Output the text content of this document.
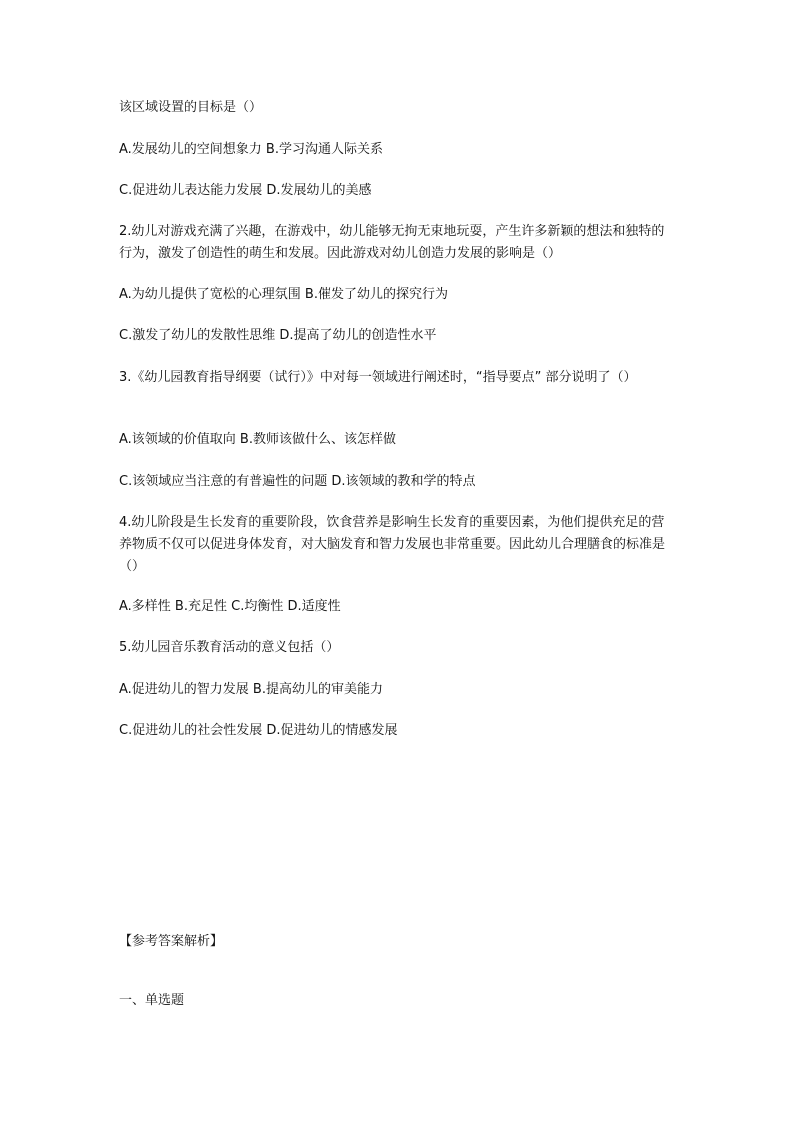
该区域设置的目标是（）

A.发展幼儿的空间想象力 B.学习沟通人际关系

C.促进幼儿表达能力发展 D.发展幼儿的美感

2.幼儿对游戏充满了兴趣，在游戏中，幼儿能够无拘无束地玩耍，产生许多新颖的想法和独特的行为，激发了创造性的萌生和发展。因此游戏对幼儿创造力发展的影响是（）

A.为幼儿提供了宽松的心理氛围 B.催发了幼儿的探究行为

C.激发了幼儿的发散性思维 D.提高了幼儿的创造性水平

3.《幼儿园教育指导纲要（试行）》中对每一领域进行阐述时，“指导要点” 部分说明了（）

A.该领域的价值取向 B.教师该做什么、该怎样做

C.该领域应当注意的有普遍性的问题 D.该领域的教和学的特点

4.幼儿阶段是生长发育的重要阶段，饮食营养是影响生长发育的重要因素，为他们提供充足的营养物质不仅可以促进身体发育，对大脑发育和智力发展也非常重要。因此幼儿合理膳食的标准是（）

A.多样性 B.充足性 C.均衡性 D.适度性

5.幼儿园音乐教育活动的意义包括（）

A.促进幼儿的智力发展 B.提高幼儿的审美能力

C.促进幼儿的社会性发展 D.促进幼儿的情感发展

【参考答案解析】

一、单选题
